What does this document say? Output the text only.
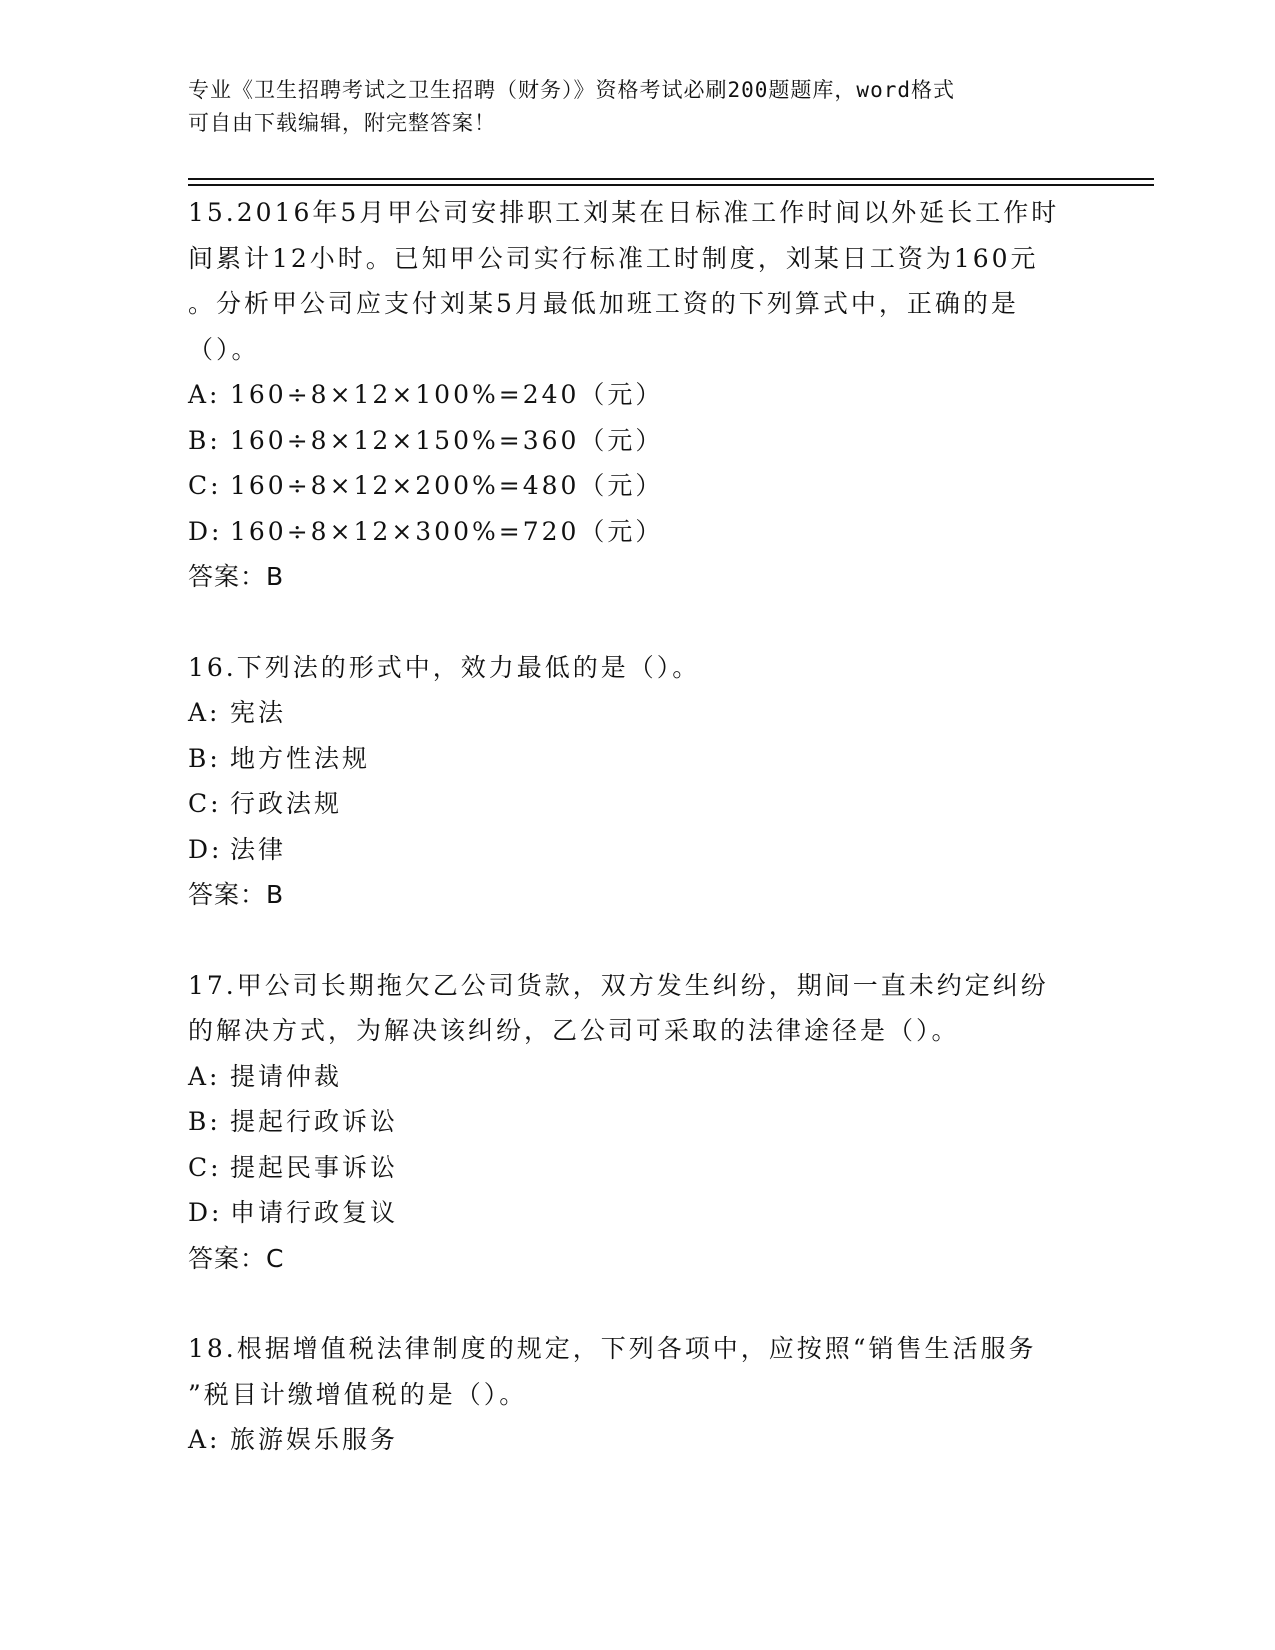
专业《卫生招聘考试之卫生招聘（财务）》资格考试必刷200题题库，word格式
可自由下载编辑，附完整答案！
15.2016年5月甲公司安排职工刘某在日标准工作时间以外延长工作时
间累计12小时。已知甲公司实行标准工时制度，刘某日工资为160元
。分析甲公司应支付刘某5月最低加班工资的下列算式中，正确的是
（）。
A: 160÷8×12×100%=240（元）
B: 160÷8×12×150%=360（元）
C: 160÷8×12×200%=480（元）
D: 160÷8×12×300%=720（元）
答案：B
16.下列法的形式中，效力最低的是（）。
A: 宪法
B: 地方性法规
C: 行政法规
D: 法律
答案：B
17.甲公司长期拖欠乙公司货款，双方发生纠纷，期间一直未约定纠纷
的解决方式，为解决该纠纷，乙公司可采取的法律途径是（）。
A: 提请仲裁
B: 提起行政诉讼
C: 提起民事诉讼
D: 申请行政复议
答案：C
18.根据增值税法律制度的规定，下列各项中，应按照“销售生活服务
”税目计缴增值税的是（）。
A: 旅游娱乐服务
